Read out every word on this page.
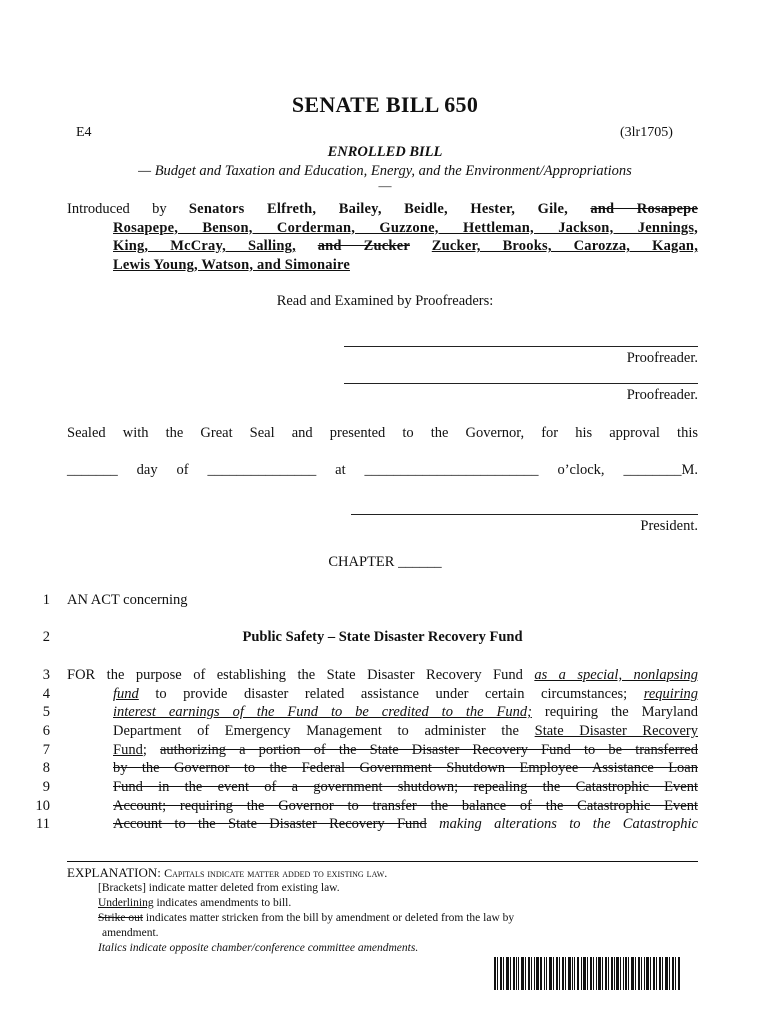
SENATE BILL 650
E4	(3lr1705)
ENROLLED BILL
— Budget and Taxation and Education, Energy, and the Environment/Appropriations
—

Introduced by Senators Elfreth, Bailey, Beidle, Hester, Gile, and Rosapepe

Rosapepe, Benson, Corderman, Guzzone, Hettleman, Jackson, Jennings,

King, McCray, Salling, and Zucker Zucker, Brooks, Carozza, Kagan,

Lewis Young, Watson, and Simonaire

Read and Examined by Proofreaders:
Proofreader.
Proofreader.
Sealed with the Great Seal and presented to the Governor, for his approval this
_______ day of _______________ at ________________________ o’clock, ________M.
President.
CHAPTER ______
1 AN ACT concerning
2	Public Safety – State Disaster Recovery Fund
3 FOR the purpose of establishing the State Disaster Recovery Fund as a special, nonlapsing
4	fund to provide disaster related assistance under certain circumstances; requiring
5	interest earnings of the Fund to be credited to the Fund; requiring the Maryland
6	Department of Emergency Management to administer the State Disaster Recovery
7	Fund; authorizing a portion of the State Disaster Recovery Fund to be transferred
8	by the Governor to the Federal Government Shutdown Employee Assistance Loan
9	Fund in the event of a government shutdown; repealing the Catastrophic Event
10	Account; requiring the Governor to transfer the balance of the Catastrophic Event
11	Account to the State Disaster Recovery Fund making alterations to the Catastrophic
EXPLANATION: Capitals indicate matter added to existing law.
[Brackets] indicate matter deleted from existing law.
Underlining indicates amendments to bill.
Strike out indicates matter stricken from the bill by amendment or deleted from the law by
amendment.
Italics indicate opposite chamber/conference committee amendments.
